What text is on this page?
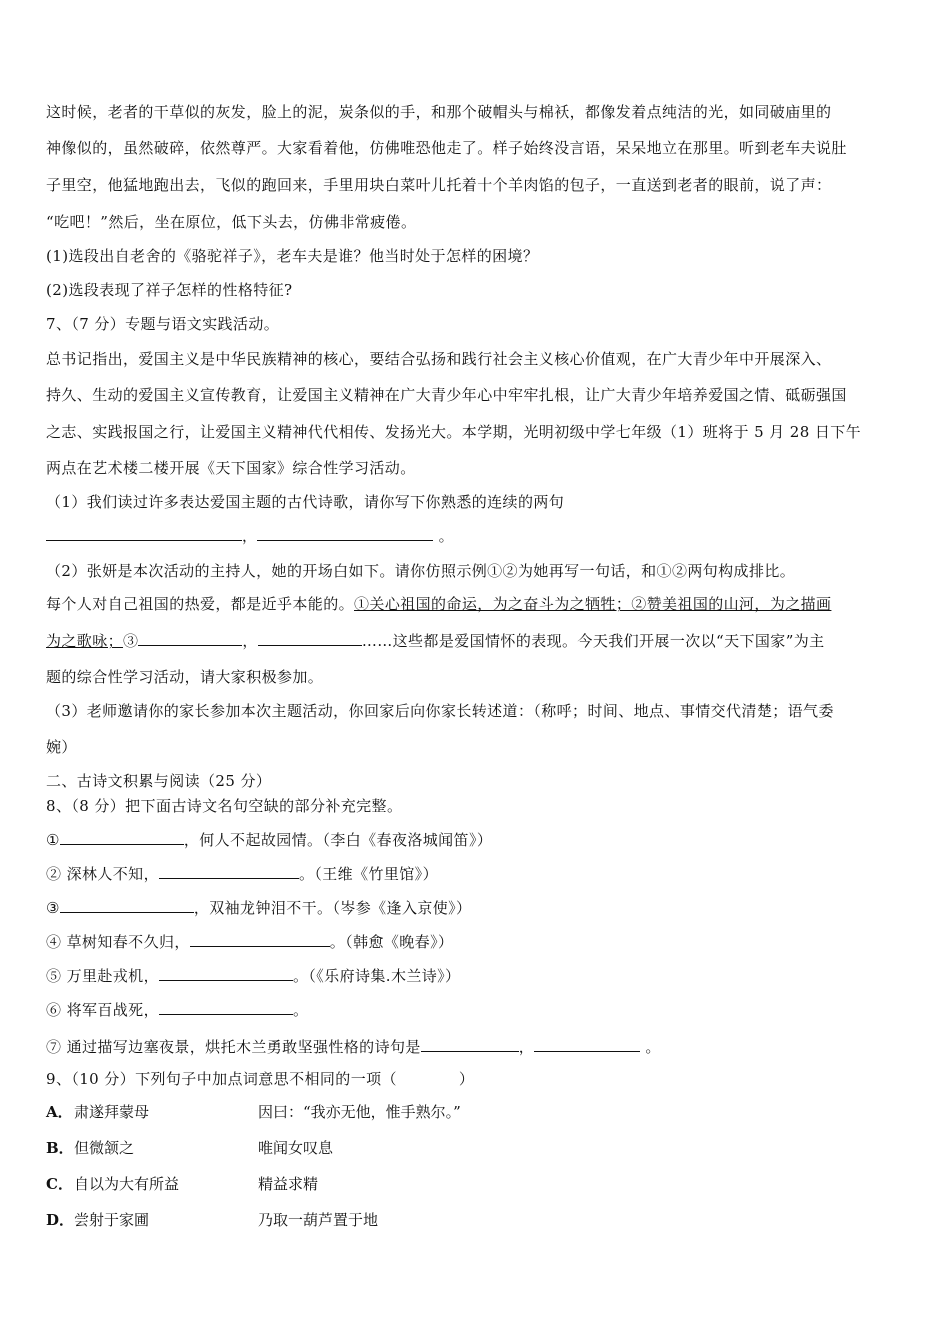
这时候，老者的干草似的灰发，脸上的泥，炭条似的手，和那个破帽头与棉袄，都像发着点纯洁的光，如同破庙里的
神像似的，虽然破碎，依然尊严。大家看着他，仿佛唯恐他走了。样子始终没言语，呆呆地立在那里。听到老车夫说肚
子里空，他猛地跑出去，飞似的跑回来，手里用块白菜叶儿托着十个羊肉馅的包子，一直送到老者的眼前，说了声：
“吃吧！”然后，坐在原位，低下头去，仿佛非常疲倦。
(1)选段出自老舍的《骆驼祥子》，老车夫是谁？他当时处于怎样的困境？
(2)选段表现了祥子怎样的性格特征?
7、（7 分）专题与语文实践活动。
总书记指出，爱国主义是中华民族精神的核心，要结合弘扬和践行社会主义核心价值观，在广大青少年中开展深入、
持久、生动的爱国主义宣传教育，让爱国主义精神在广大青少年心中牢牢扎根，让广大青少年培养爱国之情、砥砺强国
之志、实践报国之行，让爱国主义精神代代相传、发扬光大。本学期，光明初级中学七年级（1）班将于 5 月 28 日下午
两点在艺术楼二楼开展《天下国家》综合性学习活动。
（1）我们读过许多表达爱国主题的古代诗歌，请你写下你熟悉的连续的两句
，	。
（2）张妍是本次活动的主持人，她的开场白如下。请你仿照示例①②为她再写一句话，和①②两句构成排比。
每个人对自己祖国的热爱，都是近乎本能的。①关心祖国的命运，为之奋斗为之牺牲；②赞美祖国的山河，为之描画
为之歌咏；③	，	……这些都是爱国情怀的表现。今天我们开展一次以“天下国家”为主
题的综合性学习活动，请大家积极参加。
（3）老师邀请你的家长参加本次主题活动，你回家后向你家长转述道：（称呼；时间、地点、事情交代清楚；语气委
婉）
二、古诗文积累与阅读（25 分）
8、（8 分）把下面古诗文名句空缺的部分补充完整。
①	，何人不起故园情。（李白《春夜洛城闻笛》）
② 深林人不知，	。（王维《竹里馆》）
③	，双袖龙钟泪不干。（岑参《逢入京使》）
④ 草树知春不久归，	。（韩愈《晚春》）
⑤ 万里赴戎机，	。（《乐府诗集.木兰诗》）
⑥ 将军百战死，	。
⑦ 通过描写边塞夜景，烘托木兰勇敢坚强性格的诗句是	，	。
9、（10 分）下列句子中加点词意思不相同的一项（	）
A． 肃遂拜蒙母	因曰：“我亦无他，惟手熟尔。”
B． 但微颔之	唯闻女叹息
C． 自以为大有所益	精益求精
D． 尝射于家圃	乃取一葫芦置于地
